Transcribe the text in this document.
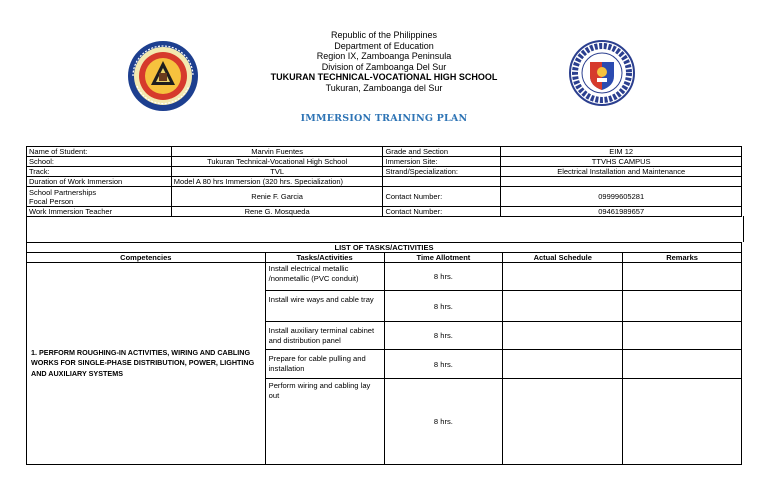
Republic of the Philippines
Department of Education
Region IX, Zamboanga Peninsula
Division of Zamboanga Del Sur
TUKURAN TECHNICAL-VOCATIONAL HIGH SCHOOL
Tukuran, Zamboanga del Sur
IMMERSION TRAINING PLAN
Name of Student:	Marvin Fuentes	Grade and Section	EIM 12
School:	Tukuran Technical-Vocational High School	Immersion Site:	TTVHS CAMPUS
Track:	TVL	Strand/Specialization:	Electrical Installation and Maintenance
Duration of Work Immersion	Model A 80 hrs Immersion (320 hrs. Specialization)		

School Partnerships
Focal Person	Renie F. Garcia	Contact Number:	09999605281
Work Immersion Teacher	Rene G. Mosqueda	Contact Number:	09461989657
LIST OF TASKS/ACTIVITIES				
Competencies	Tasks/Activities	Time Allotment	Actual Schedule	Remarks
1. PERFORM ROUGHING-IN ACTIVITIES, WIRING AND CABLING WORKS FOR SINGLE-PHASE DISTRIBUTION, POWER, LIGHTING AND AUXILIARY SYSTEMS	Install electrical metallic /nonmetallic (PVC conduit)	8 hrs.		
	Install wire ways and cable tray	8 hrs.		
	Install auxiliary terminal cabinet and distribution panel	8 hrs.		
	Prepare for cable pulling and installation	8 hrs.		
	Perform wiring and cabling lay out	8 hrs.		
